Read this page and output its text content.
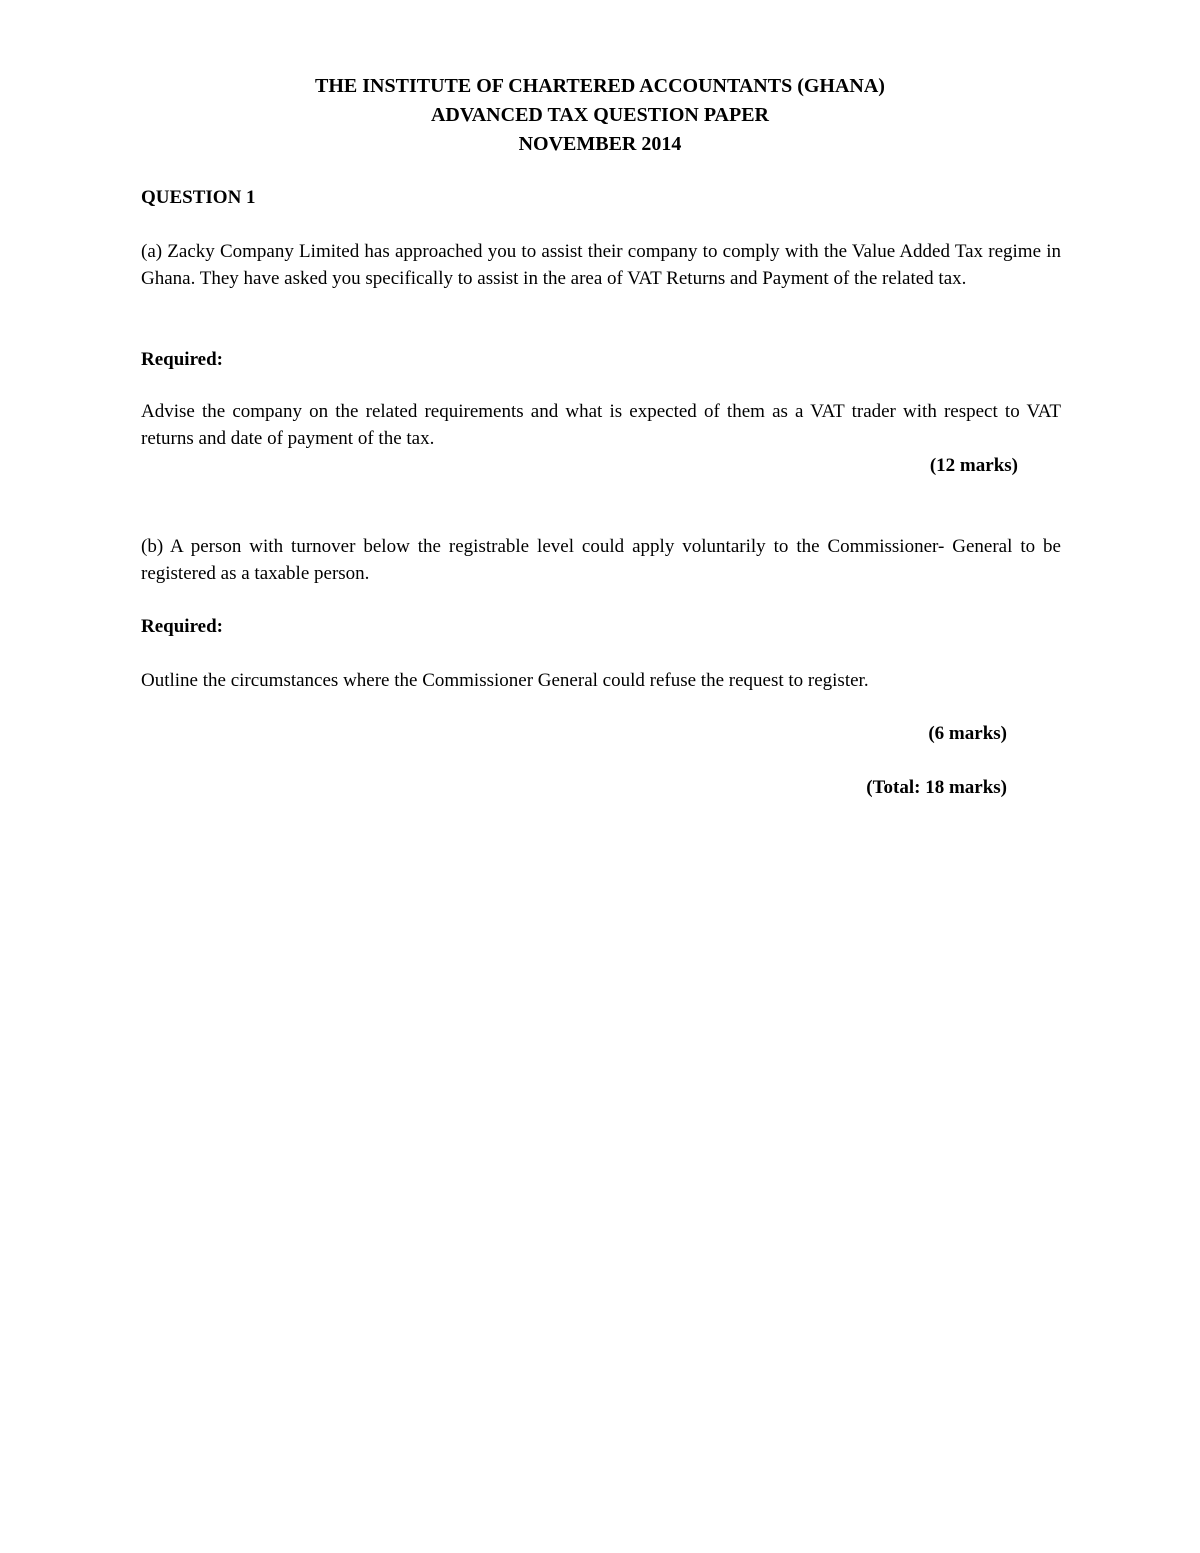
THE INSTITUTE OF CHARTERED ACCOUNTANTS (GHANA)
ADVANCED TAX QUESTION PAPER
NOVEMBER 2014
QUESTION 1
(a) Zacky Company Limited has approached you to assist their company to comply with the Value Added Tax regime in Ghana. They have asked you specifically to assist in the area of VAT Returns and Payment of the related tax.
Required:
Advise the company on the related requirements and what is expected of them as a VAT trader with respect to VAT returns and date of payment of the tax.
(12 marks)
(b) A person with turnover below the registrable level could apply voluntarily to the Commissioner- General to be registered as a taxable person.
Required:
Outline the circumstances where the Commissioner General could refuse the request to register.
(6 marks)
(Total: 18 marks)
